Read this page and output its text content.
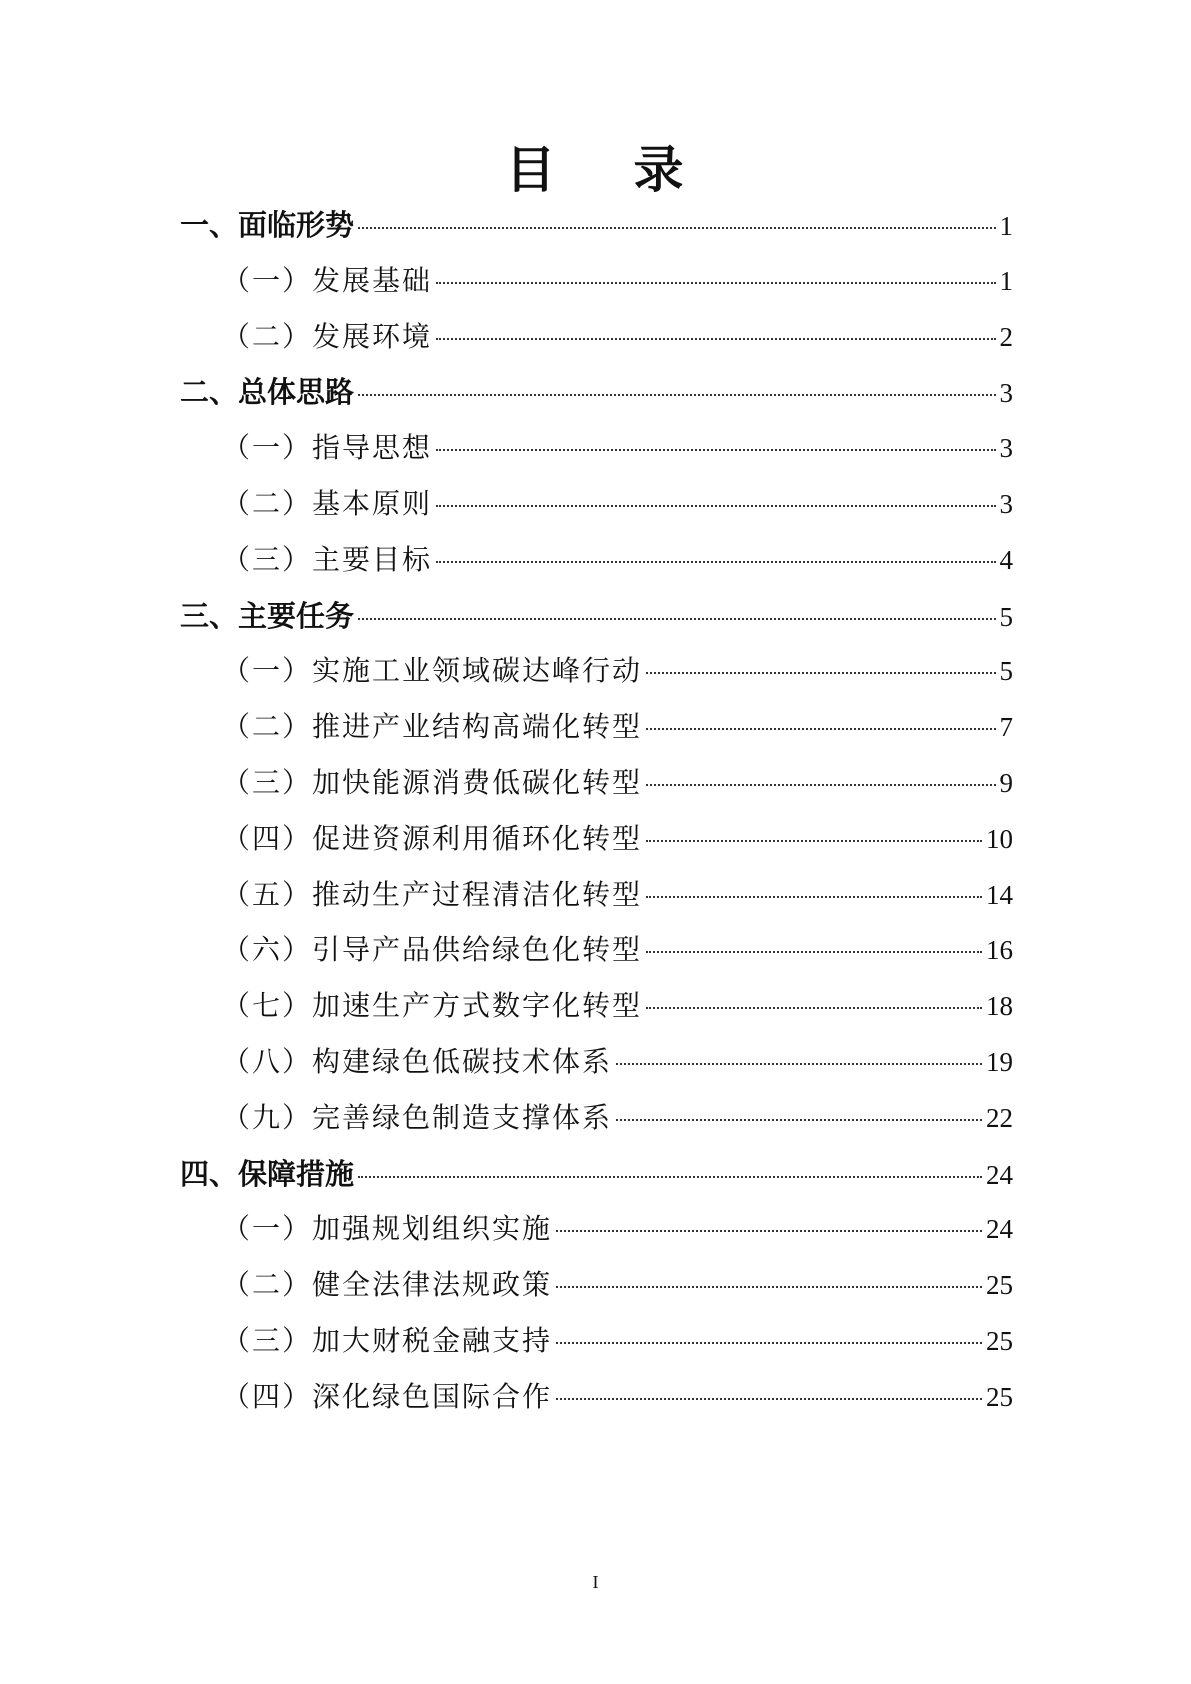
目 录
一、面临形势	1
（一）发展基础	1
（二）发展环境	2
二、总体思路	3
（一）指导思想	3
（二）基本原则	3
（三）主要目标	4
三、主要任务	5
（一）实施工业领域碳达峰行动	5
（二）推进产业结构高端化转型	7
（三）加快能源消费低碳化转型	9
（四）促进资源利用循环化转型	10
（五）推动生产过程清洁化转型	14
（六）引导产品供给绿色化转型	16
（七）加速生产方式数字化转型	18
（八）构建绿色低碳技术体系	19
（九）完善绿色制造支撑体系	22
四、保障措施	24
（一）加强规划组织实施	24
（二）健全法律法规政策	25
（三）加大财税金融支持	25
（四）深化绿色国际合作	25
I
